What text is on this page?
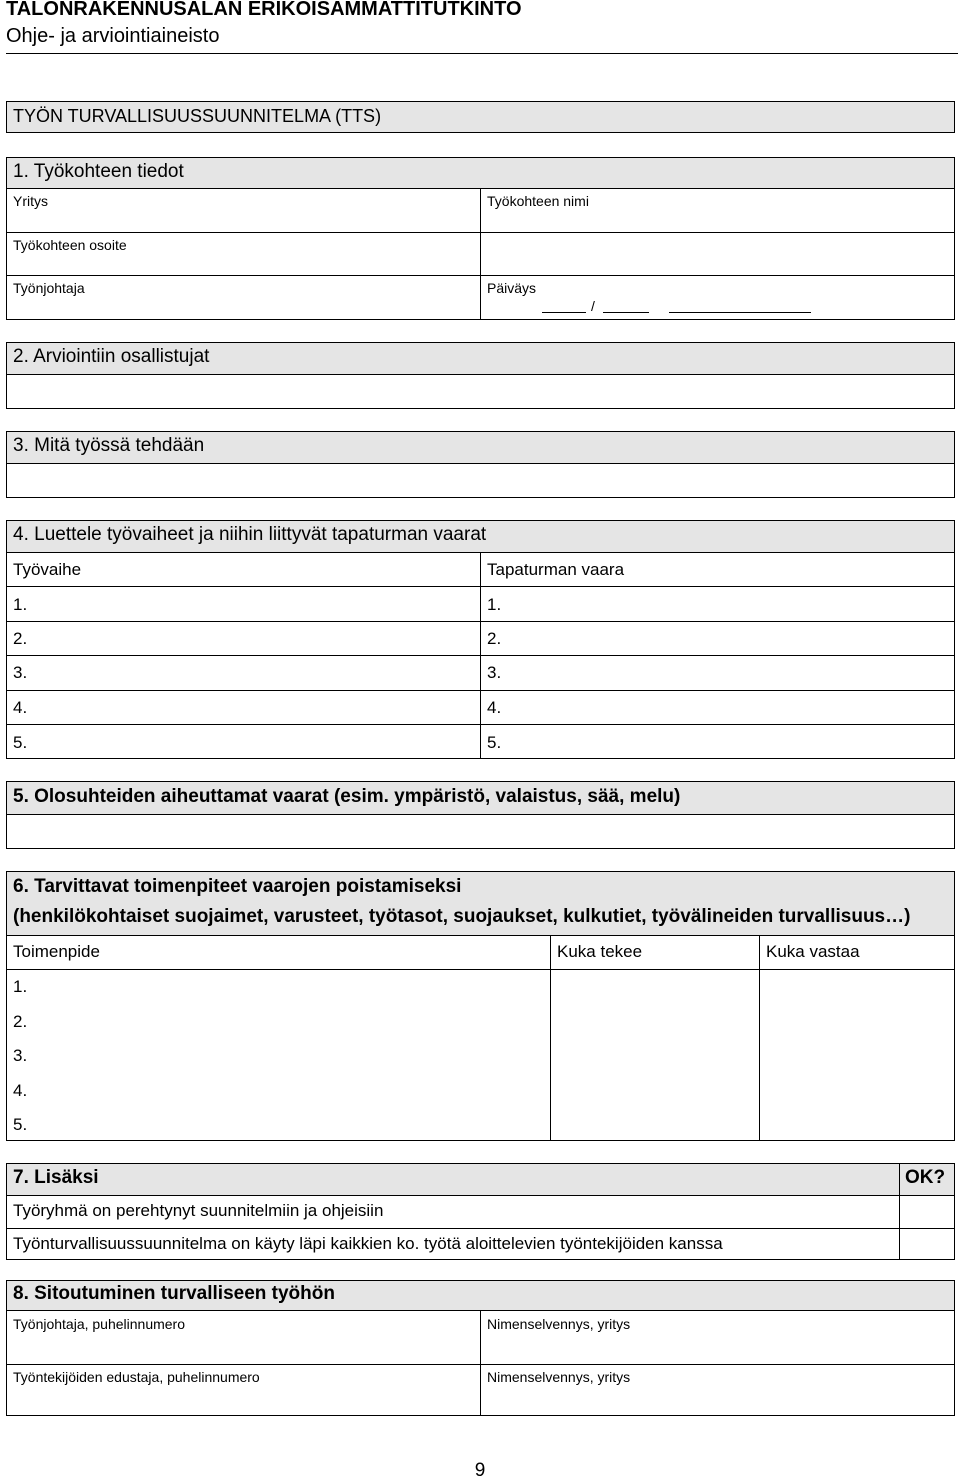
TALONRAKENNUSALAN ERIKOISAMMATTITUTKINTO
Ohje- ja arviointiaineisto
TYÖN TURVALLISUUSSUUNNITELMA (TTS)
1. Työkohteen tiedot
Yritys	Työkohteen nimi
Työkohteen osoite
Työnjohtaja	Päiväys
/
2. Arviointiin osallistujat
3. Mitä työssä tehdään
4. Luettele työvaiheet ja niihin liittyvät tapaturman vaarat
Työvaihe	Tapaturman vaara
1.	1.
2.	2.
3.	3.
4.	4.
5.	5.
5. Olosuhteiden aiheuttamat vaarat (esim. ympäristö, valaistus, sää, melu)
6. Tarvittavat toimenpiteet vaarojen poistamiseksi
(henkilökohtaiset suojaimet, varusteet, työtasot, suojaukset, kulkutiet, työvälineiden turvallisuus…)
Toimenpide	Kuka tekee	Kuka vastaa
1.
2.
3.
4.
5.
7. Lisäksi	OK?
Työryhmä on perehtynyt suunnitelmiin ja ohjeisiin
Työnturvallisuussuunnitelma on käyty läpi kaikkien ko. työtä aloittelevien työntekijöiden kanssa
8. Sitoutuminen turvalliseen työhön
Työnjohtaja, puhelinnumero	Nimenselvennys, yritys
Työntekijöiden edustaja, puhelinnumero	Nimenselvennys, yritys
9
